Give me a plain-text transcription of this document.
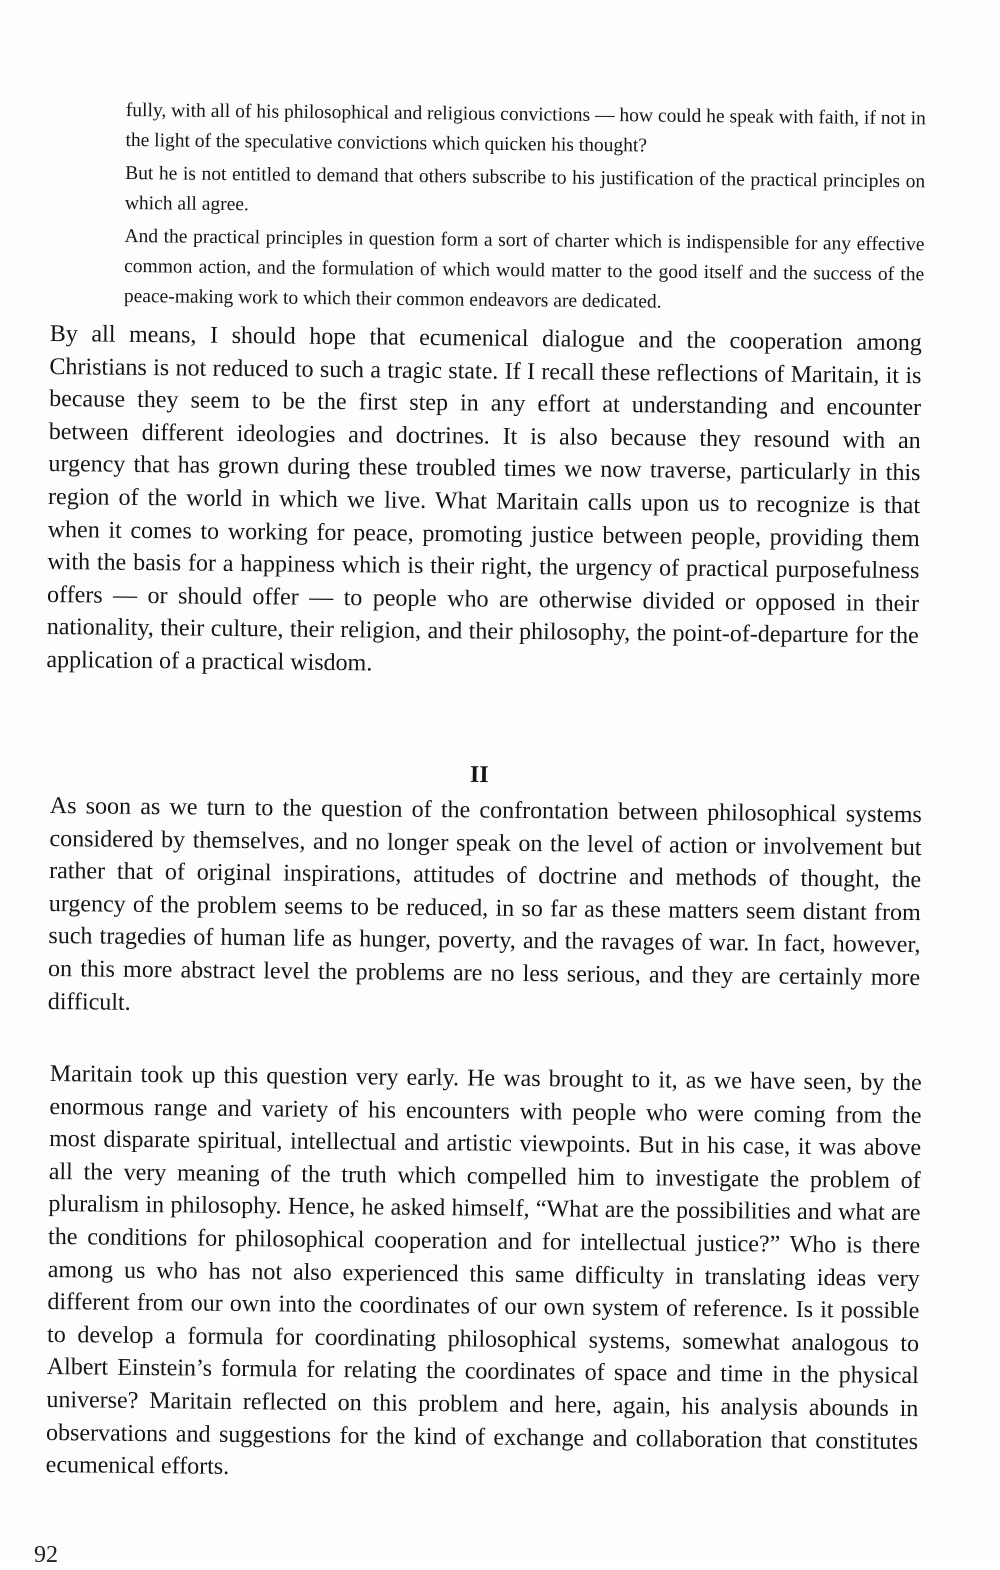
fully, with all of his philosophical and religious convictions — how could he speak with faith, if not in the light of the speculative convictions which quicken his thought?

But he is not entitled to demand that others subscribe to his justification of the practical principles on which all agree.

And the practical principles in question form a sort of charter which is indispensible for any effective common action, and the formulation of which would matter to the good itself and the success of the peace-making work to which their common endeavors are dedicated.

By all means, I should hope that ecumenical dialogue and the cooperation among Christians is not reduced to such a tragic state. If I recall these reflections of Maritain, it is because they seem to be the first step in any effort at understanding and encounter between different ideologies and doctrines. It is also because they resound with an urgency that has grown during these troubled times we now traverse, particularly in this region of the world in which we live. What Maritain calls upon us to recognize is that when it comes to working for peace, promoting justice between people, providing them with the basis for a happiness which is their right, the urgency of practical purposefulness offers — or should offer — to people who are otherwise divided or opposed in their nationality, their culture, their religion, and their philosophy, the point-of-departure for the application of a practical wisdom.

II

As soon as we turn to the question of the confrontation between philosophical systems considered by themselves, and no longer speak on the level of action or involvement but rather that of original inspirations, attitudes of doctrine and methods of thought, the urgency of the problem seems to be reduced, in so far as these matters seem distant from such tragedies of human life as hunger, poverty, and the ravages of war. In fact, however, on this more abstract level the problems are no less serious, and they are certainly more difficult.

Maritain took up this question very early. He was brought to it, as we have seen, by the enormous range and variety of his encounters with people who were coming from the most disparate spiritual, intellectual and artistic viewpoints. But in his case, it was above all the very meaning of the truth which compelled him to investigate the problem of pluralism in philosophy. Hence, he asked himself, “What are the possibilities and what are the conditions for philosophical cooperation and for intellectual justice?” Who is there among us who has not also experienced this same difficulty in translating ideas very different from our own into the coordinates of our own system of reference. Is it possible to develop a formula for coordinating philosophical systems, somewhat analogous to Albert Einstein’s formula for relating the coordinates of space and time in the physical universe? Maritain reflected on this problem and here, again, his analysis abounds in observations and suggestions for the kind of exchange and collaboration that constitutes ecumenical efforts.

92
